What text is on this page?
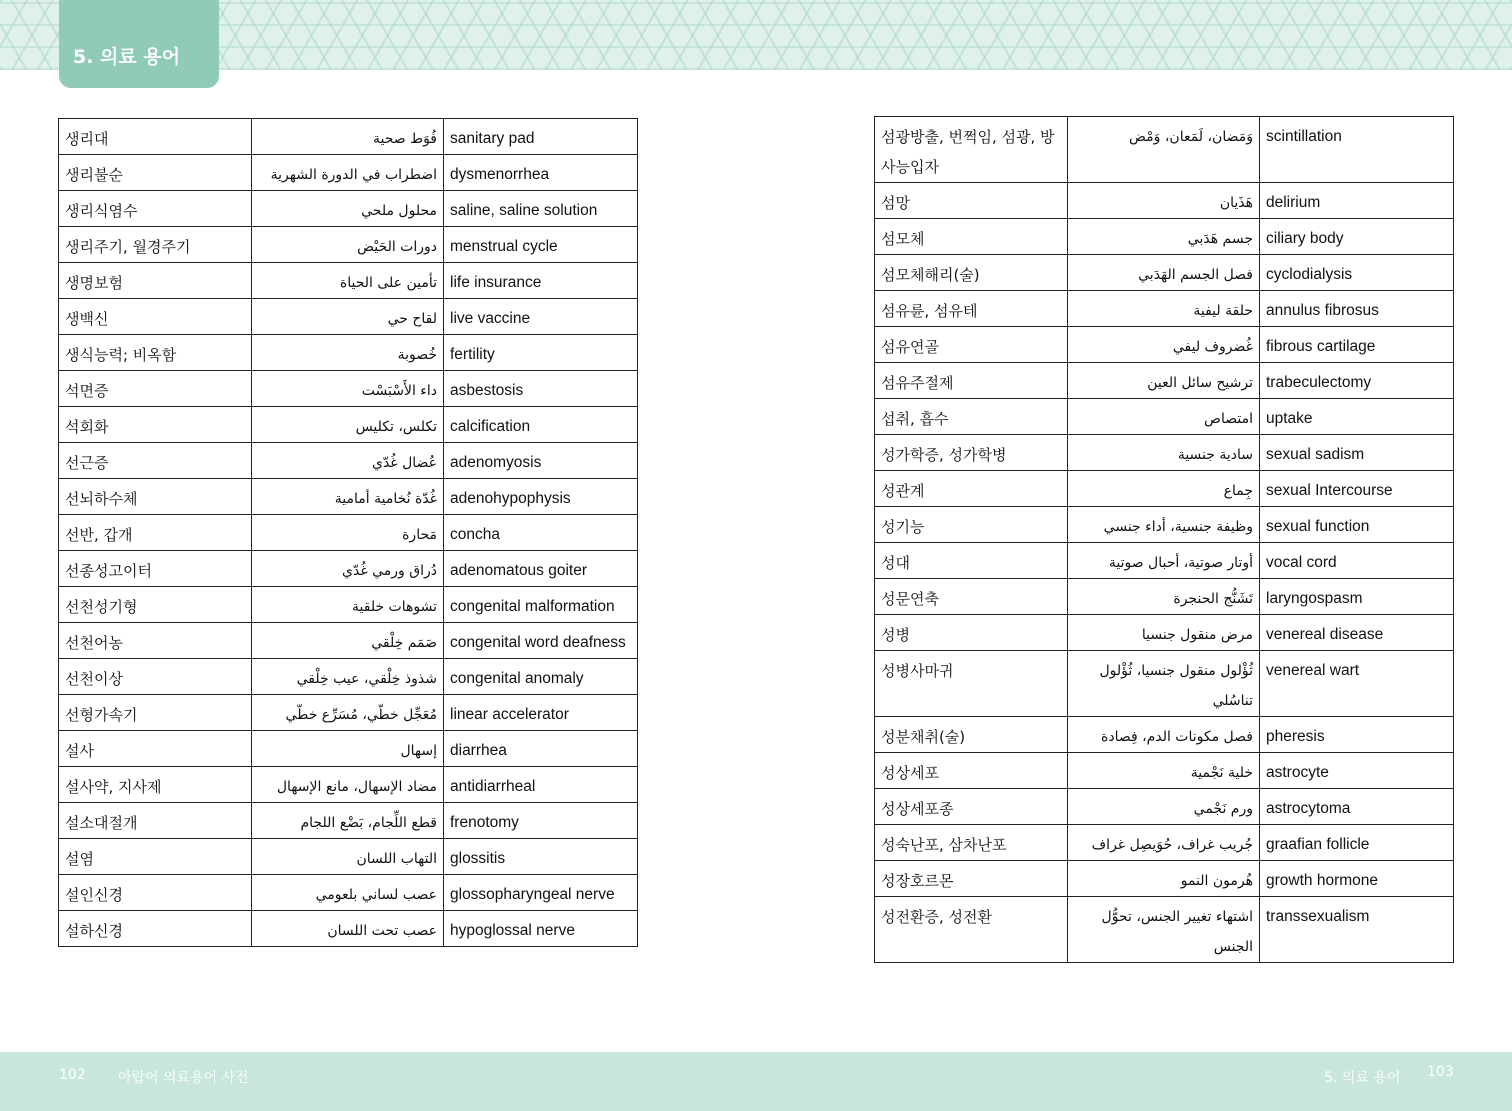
5. 의료 용어
생리대	فُوَط صحية	sanitary pad
생리불순	اضطراب في الدورة الشهرية	dysmenorrhea
생리식염수	محلول ملحي	saline, saline solution
생리주기, 월경주기	دورات الحَيْض	menstrual cycle
생명보험	تأمين على الحياة	life insurance
생백신	لقاح حي	live vaccine
생식능력; 비옥함	خُصوبة	fertility
석면증	داء الأَسْبَسْت	asbestosis
석회화	تكلس، تكليس	calcification
선근증	عُضال غُدّي	adenomyosis
선뇌하수체	غُدّة نُخامية أمامية	adenohypophysis
선반, 갑개	مَحارة	concha
선종성고이터	دُراق ورمي غُدّي	adenomatous goiter
선천성기형	تشوهات خلقية	congenital malformation
선천어농	صَمَم خِلْقي	congenital word deafness
선천이상	شذوذ خِلْقي، عيب خِلْقي	congenital anomaly
선형가속기	مُعَجِّل خطّي، مُسَرِّع خطّي	linear accelerator
설사	إسهال	diarrhea
설사약, 지사제	مضاد الإسهال، مانع الإسهال	antidiarrheal
설소대절개	قطع اللِّجام، بَضْع اللجام	frenotomy
설염	التهاب اللسان	glossitis
설인신경	عصب لساني بلعومي	glossopharyngeal nerve
설하신경	عصب تحت اللسان	hypoglossal nerve
섬광방출, 번쩍임, 섬광, 방사능입자	وَمَضان، لَمَعان، وَمْض	scintillation
섬망	هَذَيان	delirium
섬모체	جسم هَدَبي	ciliary body
섬모체해리(술)	فصل الجسم الهَدَبي	cyclodialysis
섬유륜, 섬유테	حلقة ليفية	annulus fibrosus
섬유연골	غُضروف ليفي	fibrous cartilage
섬유주절제	ترشيح سائل العين	trabeculectomy
섭취, 흡수	امتصاص	uptake
성가학증, 성가학병	سادية جنسية	sexual sadism
성관계	جِماع	sexual Intercourse
성기능	وظيفة جنسية، أداء جنسي	sexual function
성대	أوتار صوتية، أحبال صوتية	vocal cord
성문연축	تَشَنُّج الحنجرة	laryngospasm
성병	مرض منقول جنسيا	venereal disease
성병사마귀	ثُؤْلول منقول جنسيا، ثُؤْلول تناسُلي	venereal wart
성분채취(술)	فصل مكونات الدم، فِصادة	pheresis
성상세포	خلية نَجْمية	astrocyte
성상세포종	ورم نَجْمي	astrocytoma
성숙난포, 삼차난포	جُريب غراف، حُوَيصِل غراف	graafian follicle
성장호르몬	هُرمون النمو	growth hormone
성전환증, 성전환	اشتهاء تغيير الجنس، تحوُّل الجنس	transsexualism
102 아랍어 의료용어 사전	5. 의료 용어 103
